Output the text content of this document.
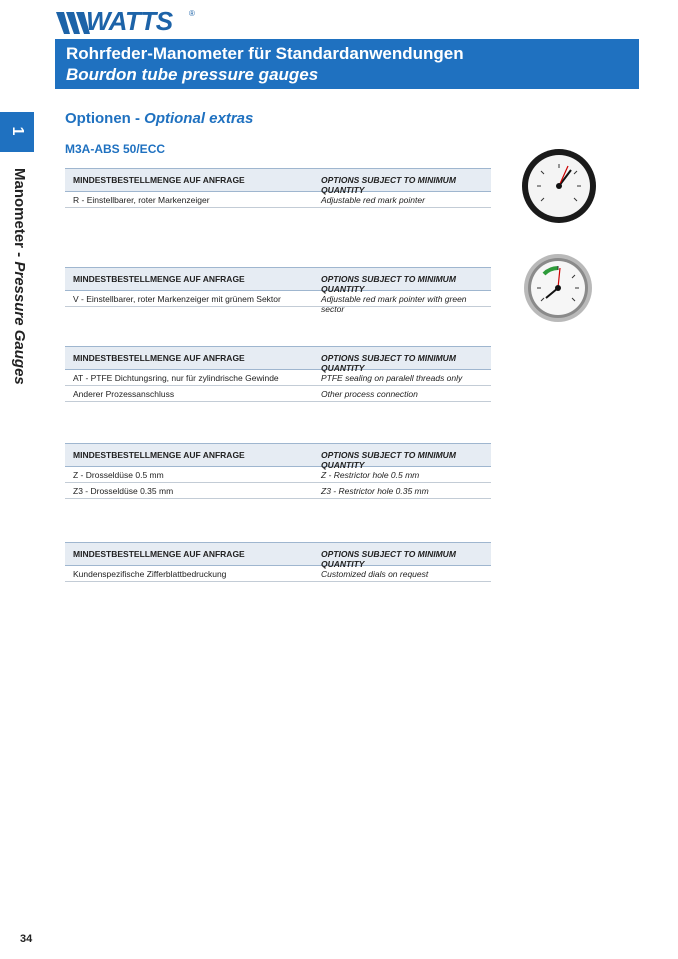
WATTS ®
Rohrfeder-Manometer für Standardanwendungen
Bourdon tube pressure gauges
1
Manometer - Pressure Gauges
Optionen - Optional extras
M3A-ABS 50/ECC
MINDESTBESTELLMENGE AUF ANFRAGE	OPTIONS SUBJECT TO MINIMUM QUANTITY
R - Einstellbarer, roter Markenzeiger	Adjustable red mark pointer
MINDESTBESTELLMENGE AUF ANFRAGE	OPTIONS SUBJECT TO MINIMUM QUANTITY
V - Einstellbarer, roter Markenzeiger mit grünem Sektor	Adjustable red mark pointer with green sector
MINDESTBESTELLMENGE AUF ANFRAGE	OPTIONS SUBJECT TO MINIMUM QUANTITY
AT - PTFE Dichtungsring, nur für zylindrische Gewinde	PTFE sealing on paralell threads only
Anderer Prozessanschluss	Other process connection
MINDESTBESTELLMENGE AUF ANFRAGE	OPTIONS SUBJECT TO MINIMUM QUANTITY
Z - Drosseldüse 0.5 mm	Z - Restrictor hole 0.5 mm
Z3 - Drosseldüse 0.35 mm	Z3 - Restrictor hole 0.35 mm
MINDESTBESTELLMENGE AUF ANFRAGE	OPTIONS SUBJECT TO MINIMUM QUANTITY
Kundenspezifische Zifferblattbedruckung	Customized dials on request
34
